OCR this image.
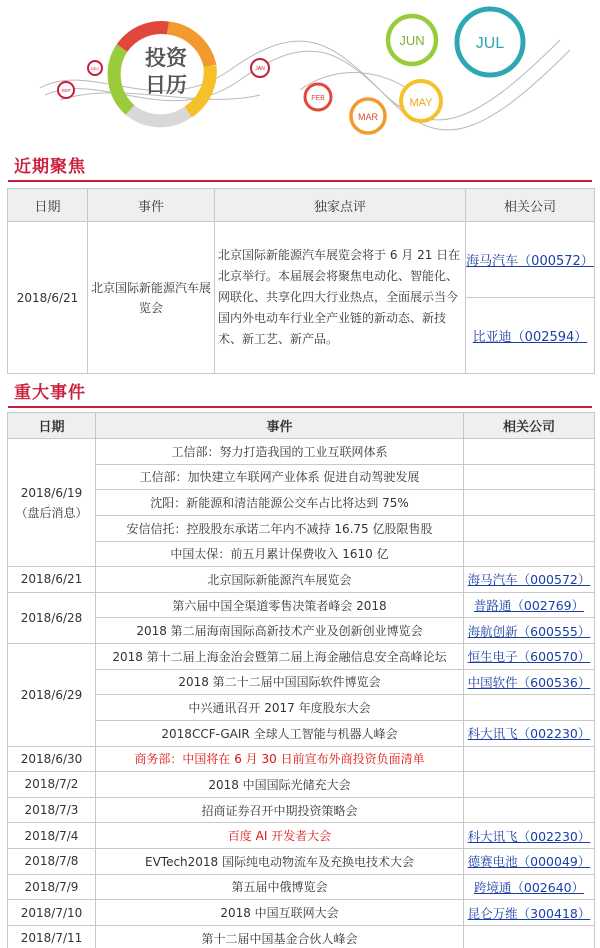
SEP
DEC	JAN
FEB
MAR
MAY
JUN	JUL
投资
日历
近期聚焦
日期	事件	独家点评	相关公司
2018/6/21	北京国际新能源汽车展览会	北京国际新能源汽车展览会将于 6 月 21 日在北京举行。本届展会将聚焦电动化、智能化、网联化、共享化四大行业热点，全面展示当今国内外电动车行业全产业链的新动态、新技术、新工艺、新产品。	海马汽车（000572）
			比亚迪（002594）
重大事件
日期	事件	相关公司

2018/6/19
（盘后消息）	工信部：努力打造我国的工业互联网体系	
	工信部：加快建立车联网产业体系 促进自动驾驶发展	
	沈阳：新能源和清洁能源公交车占比将达到 75%	
	安信信托：控股股东承诺二年内不减持 16.75 亿股限售股	
	中国太保：前五月累计保费收入 1610 亿	

2018/6/21	北京国际新能源汽车展览会	海马汽车（000572）

2018/6/28	第六届中国全渠道零售决策者峰会 2018	普路通（002769）
	2018 第二届海南国际高新技术产业及创新创业博览会	海航创新（600555）

2018/6/29	2018 第十二届上海金治会暨第二届上海金融信息安全高峰论坛	恒生电子（600570）
	2018 第二十二届中国国际软件博览会	中国软件（600536）
	中兴通讯召开 2017 年度股东大会	
	2018CCF-GAIR 全球人工智能与机器人峰会	科大讯飞（002230）

2018/6/30	商务部：中国将在 6 月 30 日前宣布外商投资负面清单	

2018/7/2	2018 中国国际光储充大会	

2018/7/3	招商证券召开中期投资策略会	

2018/7/4	百度 AI 开发者大会	科大讯飞（002230）

2018/7/8	EVTech2018 国际纯电动物流车及充换电技术大会	德赛电池（000049）

2018/7/9	第五届中俄博览会	跨境通（002640）

2018/7/10	2018 中国互联网大会	昆仑万维（300418）

2018/7/11	第十二届中国基金合伙人峰会	
